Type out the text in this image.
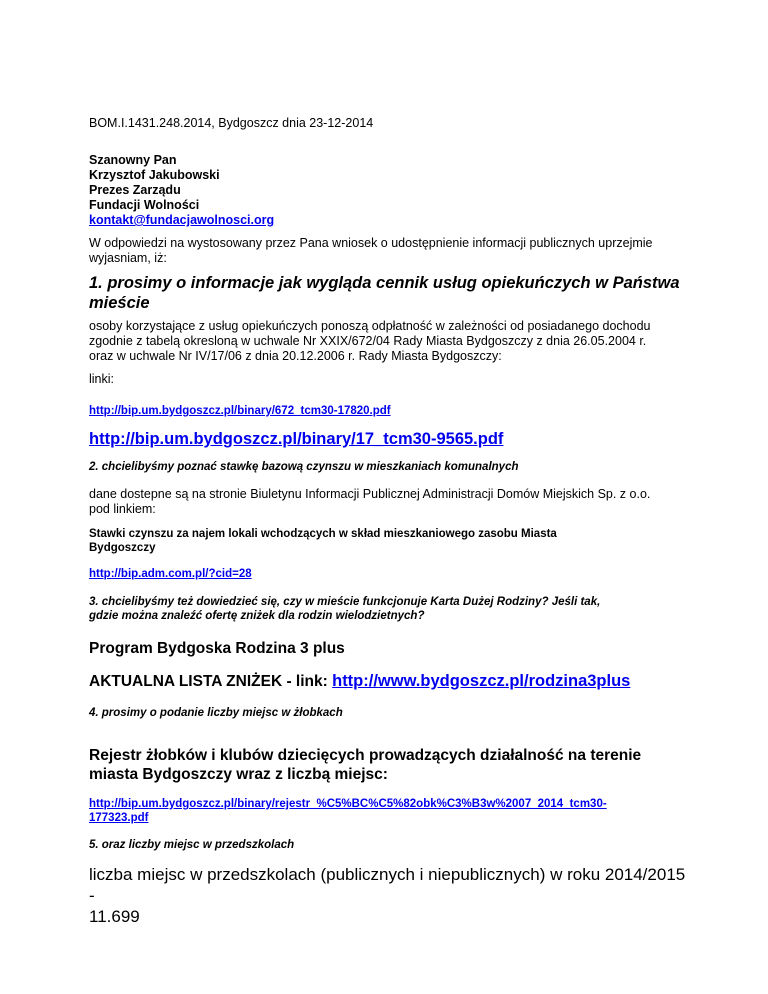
BOM.I.1431.248.2014, Bydgoszcz dnia 23-12-2014

Szanowny Pan
Krzysztof Jakubowski
Prezes Zarządu
Fundacji Wolności
kontakt@fundacjawolnosci.org
W odpowiedzi na wystosowany przez Pana wniosek o udostępnienie informacji publicznych uprzejmie
wyjasniam, iż:
1. prosimy o informacje jak wygląda cennik usług opiekuńczych w Państwa
mieście
osoby korzystające z usług opiekuńczych ponoszą odpłatność w zależności od posiadanego dochodu
zgodnie z tabelą okresloną w uchwale Nr XXIX/672/04 Rady Miasta Bydgoszczy z dnia 26.05.2004 r.
oraz w uchwale Nr IV/17/06 z dnia 20.12.2006 r. Rady Miasta Bydgoszczy:

linki:

http://bip.um.bydgoszcz.pl/binary/672_tcm30-17820.pdf
http://bip.um.bydgoszcz.pl/binary/17_tcm30-9565.pdf

2. chcielibyśmy poznać stawkę bazową czynszu w mieszkaniach komunalnych

dane dostepne są na stronie Biuletynu Informacji Publicznej Administracji Domów Miejskich Sp. z o.o.
pod linkiem:
Stawki czynszu za najem lokali wchodzących w skład mieszkaniowego zasobu Miasta
Bydgoszczy
http://bip.adm.com.pl/?cid=28
3. chcielibyśmy też dowiedzieć się, czy w mieście funkcjonuje Karta Dużej Rodziny? Jeśli tak,
gdzie można znaleźć ofertę zniżek dla rodzin wielodzietnych?

Program Bydgoska Rodzina 3 plus

AKTUALNA LISTA ZNIŻEK - link: http://www.bydgoszcz.pl/rodzina3plus

4. prosimy o podanie liczby miejsc w żłobkach

Rejestr żłobków i klubów dziecięcych prowadzących działalność na terenie
miasta Bydgoszczy wraz z liczbą miejsc:
http://bip.um.bydgoszcz.pl/binary/rejestr_%C5%BC%C5%82obk%C3%B3w%2007_2014_tcm30-
177323.pdf

5. oraz liczby miejsc w przedszkolach

liczba miejsc w przedszkolach (publicznych i niepublicznych) w roku 2014/2015 -
11.699
